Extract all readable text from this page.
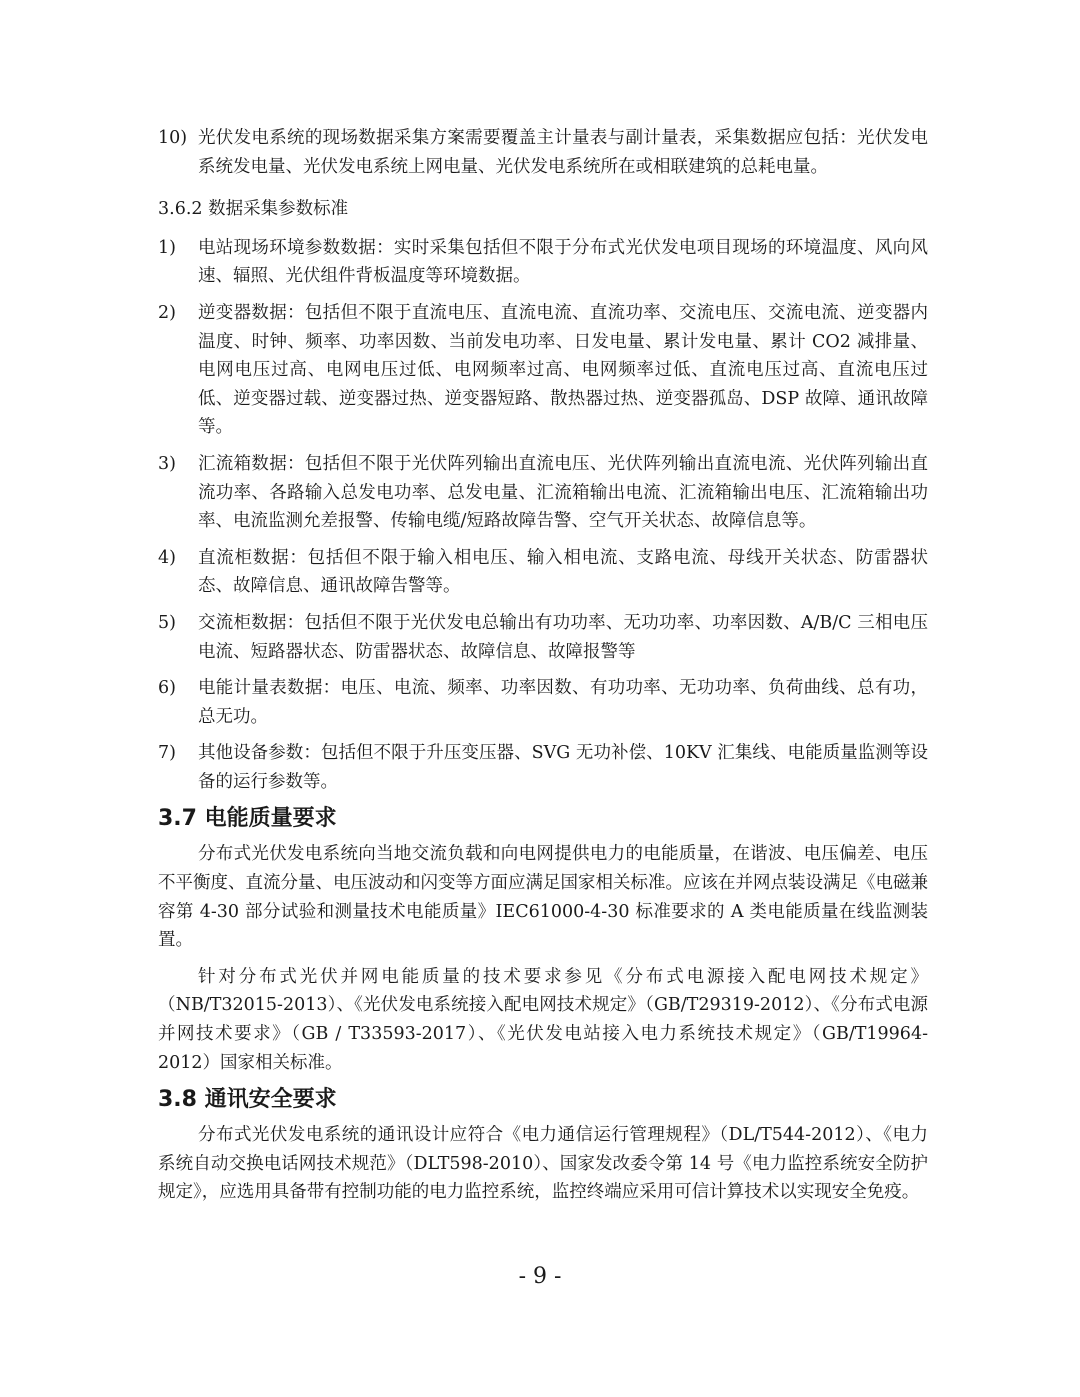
10) 光伏发电系统的现场数据采集方案需要覆盖主计量表与副计量表，采集数据应包括：光伏发电系统发电量、光伏发电系统上网电量、光伏发电系统所在或相联建筑的总耗电量。
3.6.2 数据采集参数标准
1) 电站现场环境参数数据：实时采集包括但不限于分布式光伏发电项目现场的环境温度、风向风速、辐照、光伏组件背板温度等环境数据。
2) 逆变器数据：包括但不限于直流电压、直流电流、直流功率、交流电压、交流电流、逆变器内温度、时钟、频率、功率因数、当前发电功率、日发电量、累计发电量、累计 CO2 减排量、电网电压过高、电网电压过低、电网频率过高、电网频率过低、直流电压过高、直流电压过低、逆变器过载、逆变器过热、逆变器短路、散热器过热、逆变器孤岛、DSP 故障、通讯故障等。
3) 汇流箱数据：包括但不限于光伏阵列输出直流电压、光伏阵列输出直流电流、光伏阵列输出直流功率、各路输入总发电功率、总发电量、汇流箱输出电流、汇流箱输出电压、汇流箱输出功率、电流监测允差报警、传输电缆/短路故障告警、空气开关状态、故障信息等。
4) 直流柜数据：包括但不限于输入相电压、输入相电流、支路电流、母线开关状态、防雷器状态、故障信息、通讯故障告警等。
5) 交流柜数据：包括但不限于光伏发电总输出有功功率、无功功率、功率因数、A/B/C 三相电压电流、短路器状态、防雷器状态、故障信息、故障报警等
6) 电能计量表数据：电压、电流、频率、功率因数、有功功率、无功功率、负荷曲线、总有功，总无功。
7) 其他设备参数：包括但不限于升压变压器、SVG 无功补偿、10KV 汇集线、电能质量监测等设备的运行参数等。
3.7 电能质量要求

分布式光伏发电系统向当地交流负载和向电网提供电力的电能质量，在谐波、电压偏差、电压不平衡度、直流分量、电压波动和闪变等方面应满足国家相关标准。应该在并网点装设满足《电磁兼容第 4-30 部分试验和测量技术电能质量》IEC61000-4-30 标准要求的 A 类电能质量在线监测装置。

针对分布式光伏并网电能质量的技术要求参见《分布式电源接入配电网技术规定》（NB/T32015-2013）、《光伏发电系统接入配电网技术规定》（GB/T29319-2012）、《分布式电源并网技术要求》（GB / T33593-2017）、《光伏发电站接入电力系统技术规定》（GB/T19964-2012）国家相关标准。

3.8 通讯安全要求

分布式光伏发电系统的通讯设计应符合《电力通信运行管理规程》（DL/T544-2012）、《电力系统自动交换电话网技术规范》（DLT598-2010）、国家发改委令第 14 号《电力监控系统安全防护规定》，应选用具备带有控制功能的电力监控系统，监控终端应采用可信计算技术以实现安全免疫。

- 9 -
